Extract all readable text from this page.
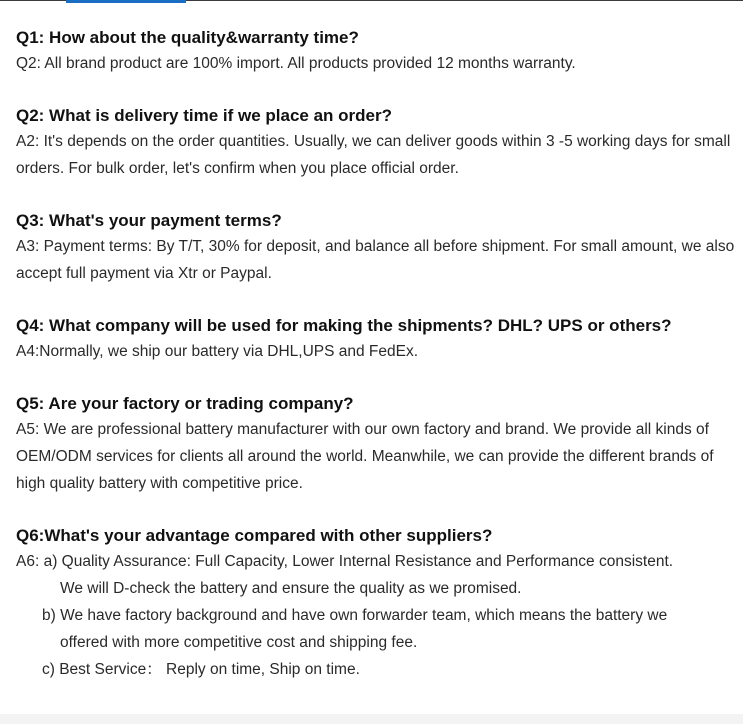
Q1: How about the quality&warranty time?

Q2: All brand product are 100% import. All products provided 12 months warranty.

Q2: What is delivery time if we place an order?

A2: It's depends on the order quantities. Usually, we can deliver goods within 3 -5 working days for small orders. For bulk order, let's confirm when you place official order.

Q3: What's your payment terms?

A3: Payment terms: By T/T, 30% for deposit, and balance all before shipment. For small amount, we also accept full payment via Xtr or Paypal.

Q4: What company will be used for making the shipments? DHL? UPS or others?

A4:Normally, we ship our battery via DHL,UPS and FedEx.

Q5: Are your factory or trading company?

A5: We are professional battery manufacturer with our own factory and brand. We provide all kinds of OEM/ODM services for clients all around the world. Meanwhile, we can provide the different brands of high quality battery with competitive price.

Q6:What's your advantage compared with other suppliers?

A6: a) Quality Assurance: Full Capacity, Lower Internal Resistance and Performance consistent.

We will D-check the battery and ensure the quality as we promised.

b) We have factory background and have own forwarder team, which means the battery we

offered with more competitive cost and shipping fee.

c) Best Service： Reply on time, Ship on time.
